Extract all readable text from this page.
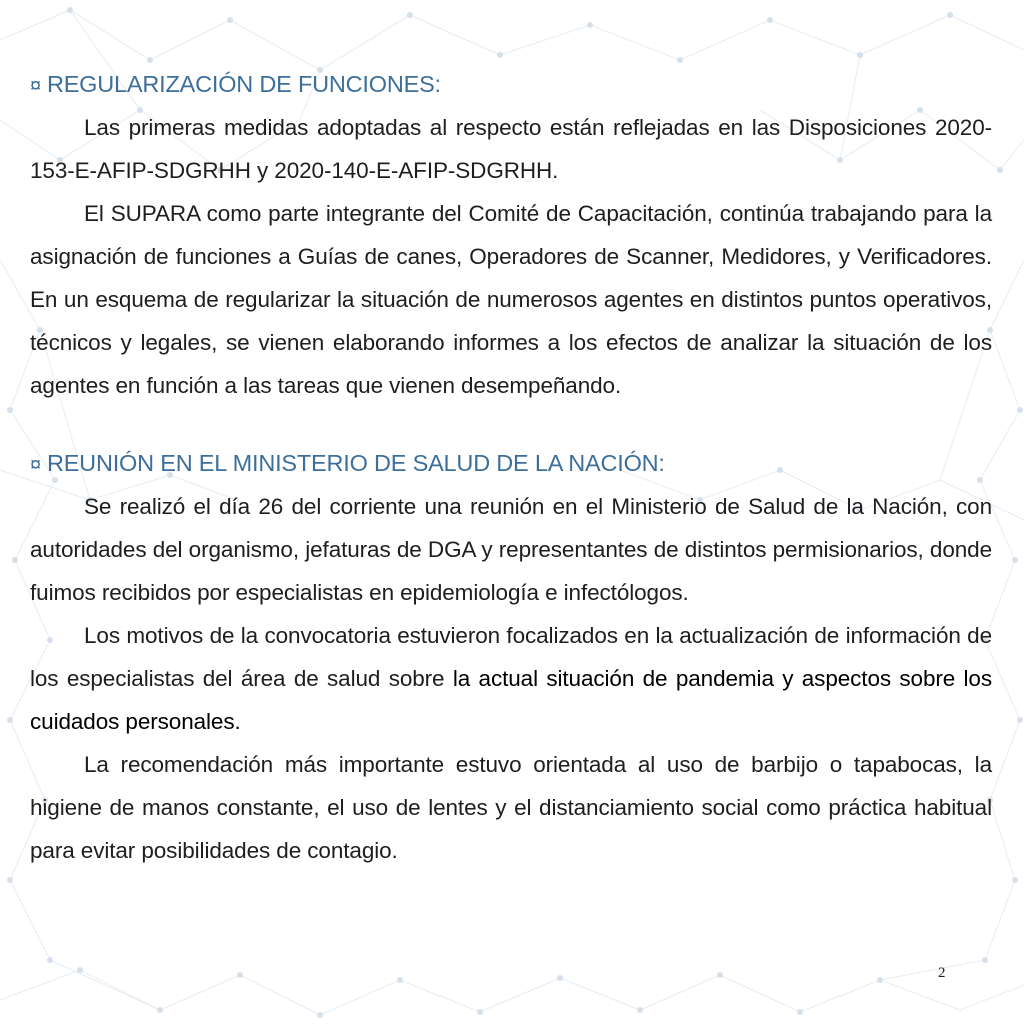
¤ REGULARIZACIÓN DE FUNCIONES:

Las primeras medidas adoptadas al respecto están reflejadas en las Disposiciones 2020-153-E-AFIP-SDGRHH y 2020-140-E-AFIP-SDGRHH.

El SUPARA como parte integrante del Comité de Capacitación, continúa trabajando para la asignación de funciones a Guías de canes, Operadores de Scanner, Medidores, y Verificadores. En un esquema de regularizar la situación de numerosos agentes en distintos puntos operativos, técnicos y legales, se vienen elaborando informes a los efectos de analizar la situación de los agentes en función a las tareas que vienen desempeñando.

¤ REUNIÓN EN EL MINISTERIO DE SALUD DE LA NACIÓN:

Se realizó el día 26 del corriente una reunión en el Ministerio de Salud de la Nación, con autoridades del organismo, jefaturas de DGA y representantes de distintos permisionarios, donde fuimos recibidos por especialistas en epidemiología e infectólogos.

Los motivos de la convocatoria estuvieron focalizados en la actualización de información de los especialistas del área de salud sobre la actual situación de pandemia y aspectos sobre los cuidados personales.

La recomendación más importante estuvo orientada al uso de barbijo o tapabocas, la higiene de manos constante, el uso de lentes y el distanciamiento social como práctica habitual para evitar posibilidades de contagio.

2
